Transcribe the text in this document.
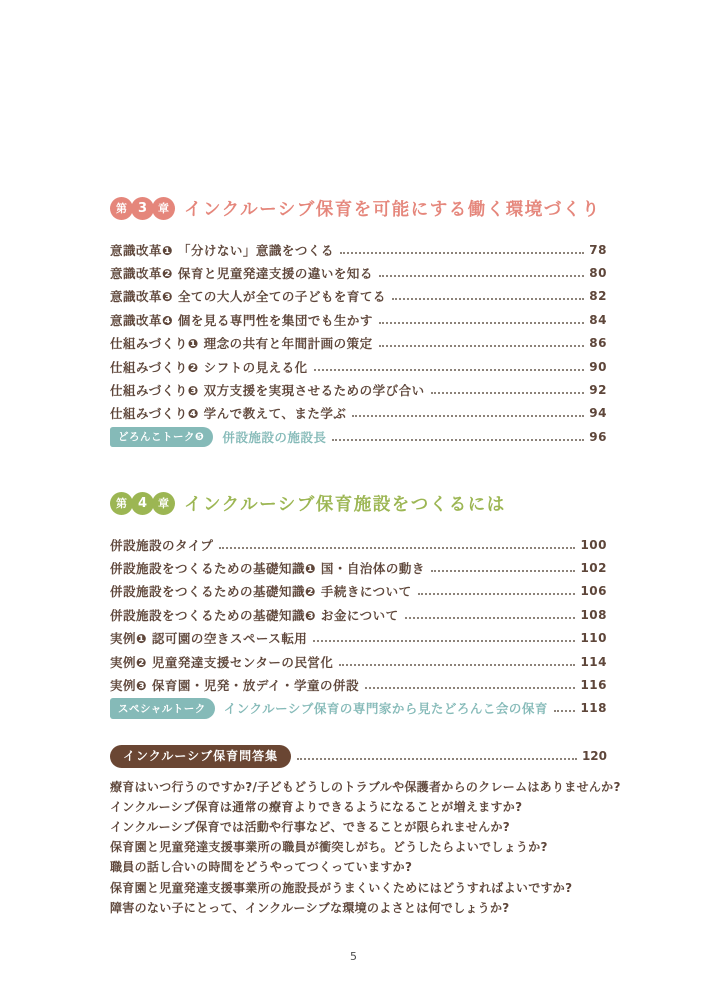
第 3 章 インクルーシブ保育を可能にする働く環境づくり
意識改革❶ 「分けない」意識をつくる	78
意識改革❷ 保育と児童発達支援の違いを知る	80
意識改革❸ 全ての大人が全ての子どもを育てる	82
意識改革❹ 個を見る専門性を集団でも生かす	84
仕組みづくり❶ 理念の共有と年間計画の策定	86
仕組みづくり❷ シフトの見える化	90
仕組みづくり❸ 双方支援を実現させるための学び合い	92
仕組みづくり❹ 学んで教えて、また学ぶ	94
どろんこトーク❺	併設施設の施設長	96
第 4 章 インクルーシブ保育施設をつくるには
併設施設のタイプ	100
併設施設をつくるための基礎知識❶ 国・自治体の動き	102
併設施設をつくるための基礎知識❷ 手続きについて	106
併設施設をつくるための基礎知識❸ お金について	108
実例❶ 認可園の空きスペース転用	110
実例❷ 児童発達支援センターの民営化	114
実例❸ 保育園・児発・放デイ・学童の併設	116
スペシャルトーク	インクルーシブ保育の専門家から見たどろんこ会の保育	118
インクルーシブ保育問答集	120
療育はいつ行うのですか?/子どもどうしのトラブルや保護者からのクレームはありませんか?
インクルーシブ保育は通常の療育よりできるようになることが増えますか?
インクルーシブ保育では活動や行事など、できることが限られませんか?
保育園と児童発達支援事業所の職員が衝突しがち。どうしたらよいでしょうか?
職員の話し合いの時間をどうやってつくっていますか?
保育園と児童発達支援事業所の施設長がうまくいくためにはどうすればよいですか?
障害のない子にとって、インクルーシブな環境のよさとは何でしょうか?
5
